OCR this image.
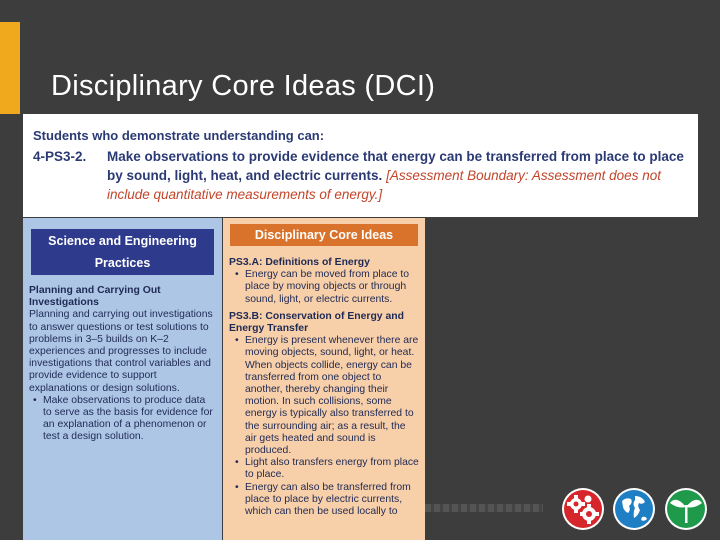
Disciplinary Core Ideas (DCI)
Students who demonstrate understanding can:
4-PS3-2.	Make observations to provide evidence that energy can be transferred from place to place by sound, light, heat, and electric currents. [Assessment Boundary: Assessment does not include quantitative measurements of energy.]
Science and Engineering Practices
Planning and Carrying Out Investigations
Planning and carrying out investigations to answer questions or test solutions to problems in 3–5 builds on K–2 experiences and progresses to include investigations that control variables and provide evidence to support explanations or design solutions.
• Make observations to produce data to serve as the basis for evidence for an explanation of a phenomenon or test a design solution.
Disciplinary Core Ideas
PS3.A: Definitions of Energy
• Energy can be moved from place to place by moving objects or through sound, light, or electric currents.
PS3.B: Conservation of Energy and Energy Transfer
• Energy is present whenever there are moving objects, sound, light, or heat. When objects collide, energy can be transferred from one object to another, thereby changing their motion. In such collisions, some energy is typically also transferred to the surrounding air; as a result, the air gets heated and sound is produced.
• Light also transfers energy from place to place.
• Energy can also be transferred from place to place by electric currents, which can then be used locally to
